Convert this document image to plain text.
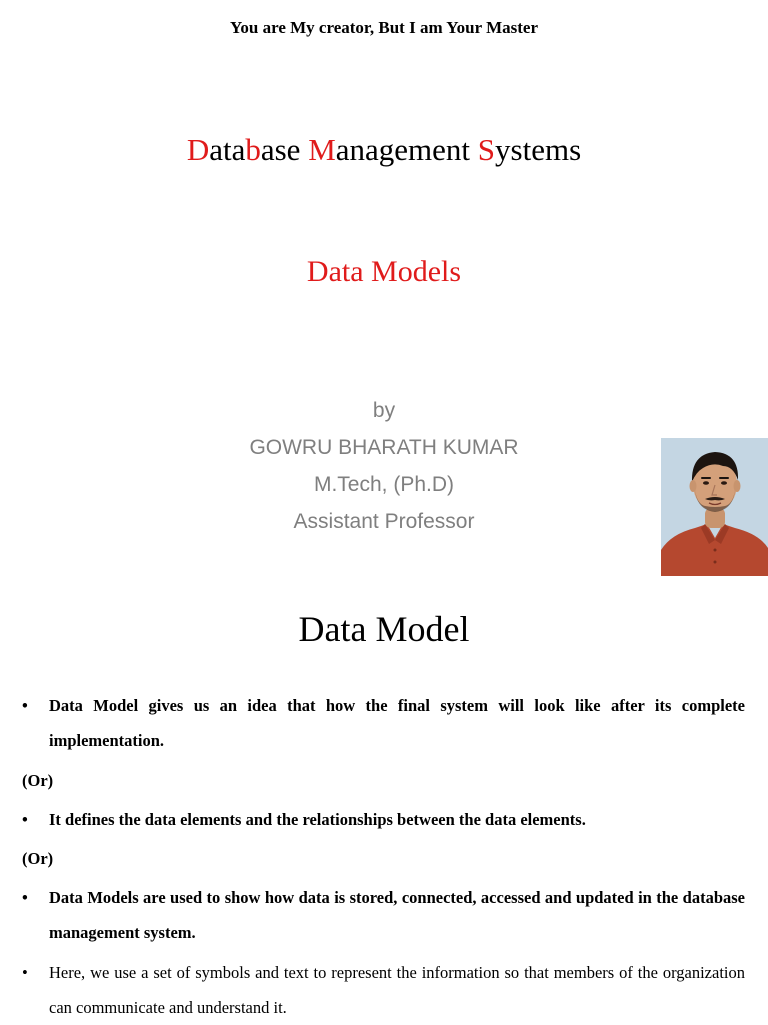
You are My creator, But I am Your Master
Database Management Systems
Data Models
by
GOWRU BHARATH KUMAR
M.Tech, (Ph.D)
Assistant Professor
Data Model
• Data Model gives us an idea that how the final system will look like after its complete implementation.
(Or)
• It defines the data elements and the relationships between the data elements.
(Or)
• Data Models are used to show how data is stored, connected, accessed and updated in the database management system.
• Here, we use a set of symbols and text to represent the information so that members of the organization can communicate and understand it.
